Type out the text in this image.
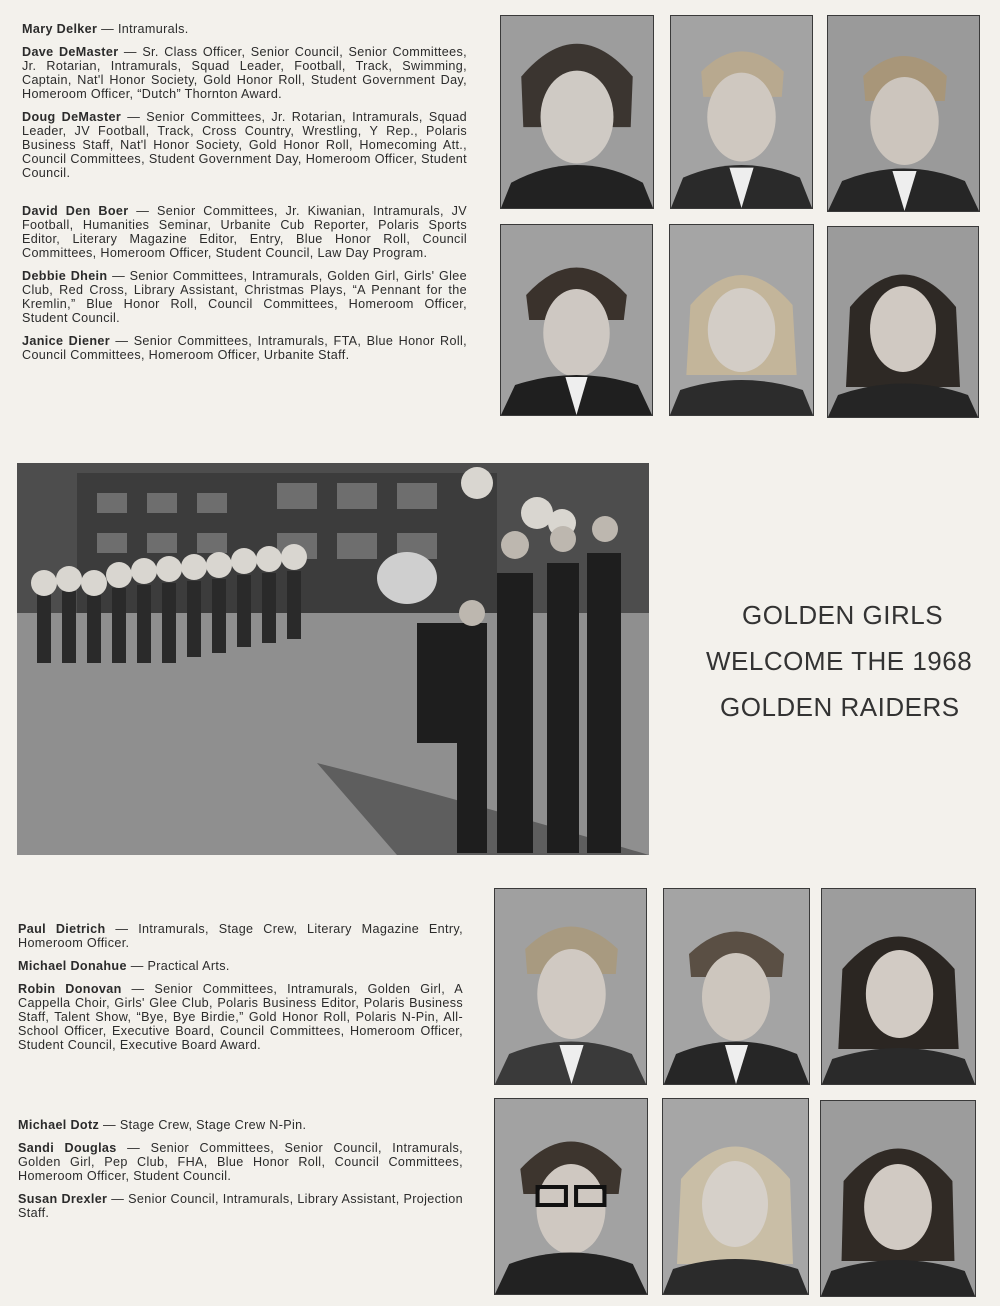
Mary Delker — Intramurals.

Dave DeMaster — Sr. Class Officer, Senior Council, Senior Committees, Jr. Rotarian, Intramurals, Squad Leader, Football, Track, Swimming, Captain, Nat'l Honor Society, Gold Honor Roll, Student Government Day, Homeroom Officer, “Dutch” Thornton Award.

Doug DeMaster — Senior Committees, Jr. Rotarian, Intramurals, Squad Leader, JV Football, Track, Cross Country, Wrestling, Y Rep., Polaris Business Staff, Nat'l Honor Society, Gold Honor Roll, Homecoming Att., Council Committees, Student Government Day, Homeroom Officer, Student Council.

David Den Boer — Senior Committees, Jr. Kiwanian, Intramurals, JV Football, Humanities Seminar, Urbanite Cub Reporter, Polaris Sports Editor, Literary Magazine Editor, Entry, Blue Honor Roll, Council Committees, Homeroom Officer, Student Council, Law Day Program.

Debbie Dhein — Senior Committees, Intramurals, Golden Girl, Girls' Glee Club, Red Cross, Library Assistant, Christmas Plays, “A Pennant for the Kremlin,” Blue Honor Roll, Council Committees, Homeroom Officer, Student Council.

Janice Diener — Senior Committees, Intramurals, FTA, Blue Honor Roll, Council Committees, Homeroom Officer, Urbanite Staff.

GOLDEN GIRLS
WELCOME THE 1968
GOLDEN RAIDERS

Paul Dietrich — Intramurals, Stage Crew, Literary Magazine Entry, Homeroom Officer.

Michael Donahue — Practical Arts.

Robin Donovan — Senior Committees, Intramurals, Golden Girl, A Cappella Choir, Girls' Glee Club, Polaris Business Editor, Polaris Business Staff, Talent Show, “Bye, Bye Birdie,” Gold Honor Roll, Polaris N-Pin, All-School Officer, Executive Board, Council Committees, Homeroom Officer, Student Council, Executive Board Award.

Michael Dotz — Stage Crew, Stage Crew N-Pin.

Sandi Douglas — Senior Committees, Senior Council, Intramurals, Golden Girl, Pep Club, FHA, Blue Honor Roll, Council Committees, Homeroom Officer, Student Council.

Susan Drexler — Senior Council, Intramurals, Library Assistant, Projection Staff.
